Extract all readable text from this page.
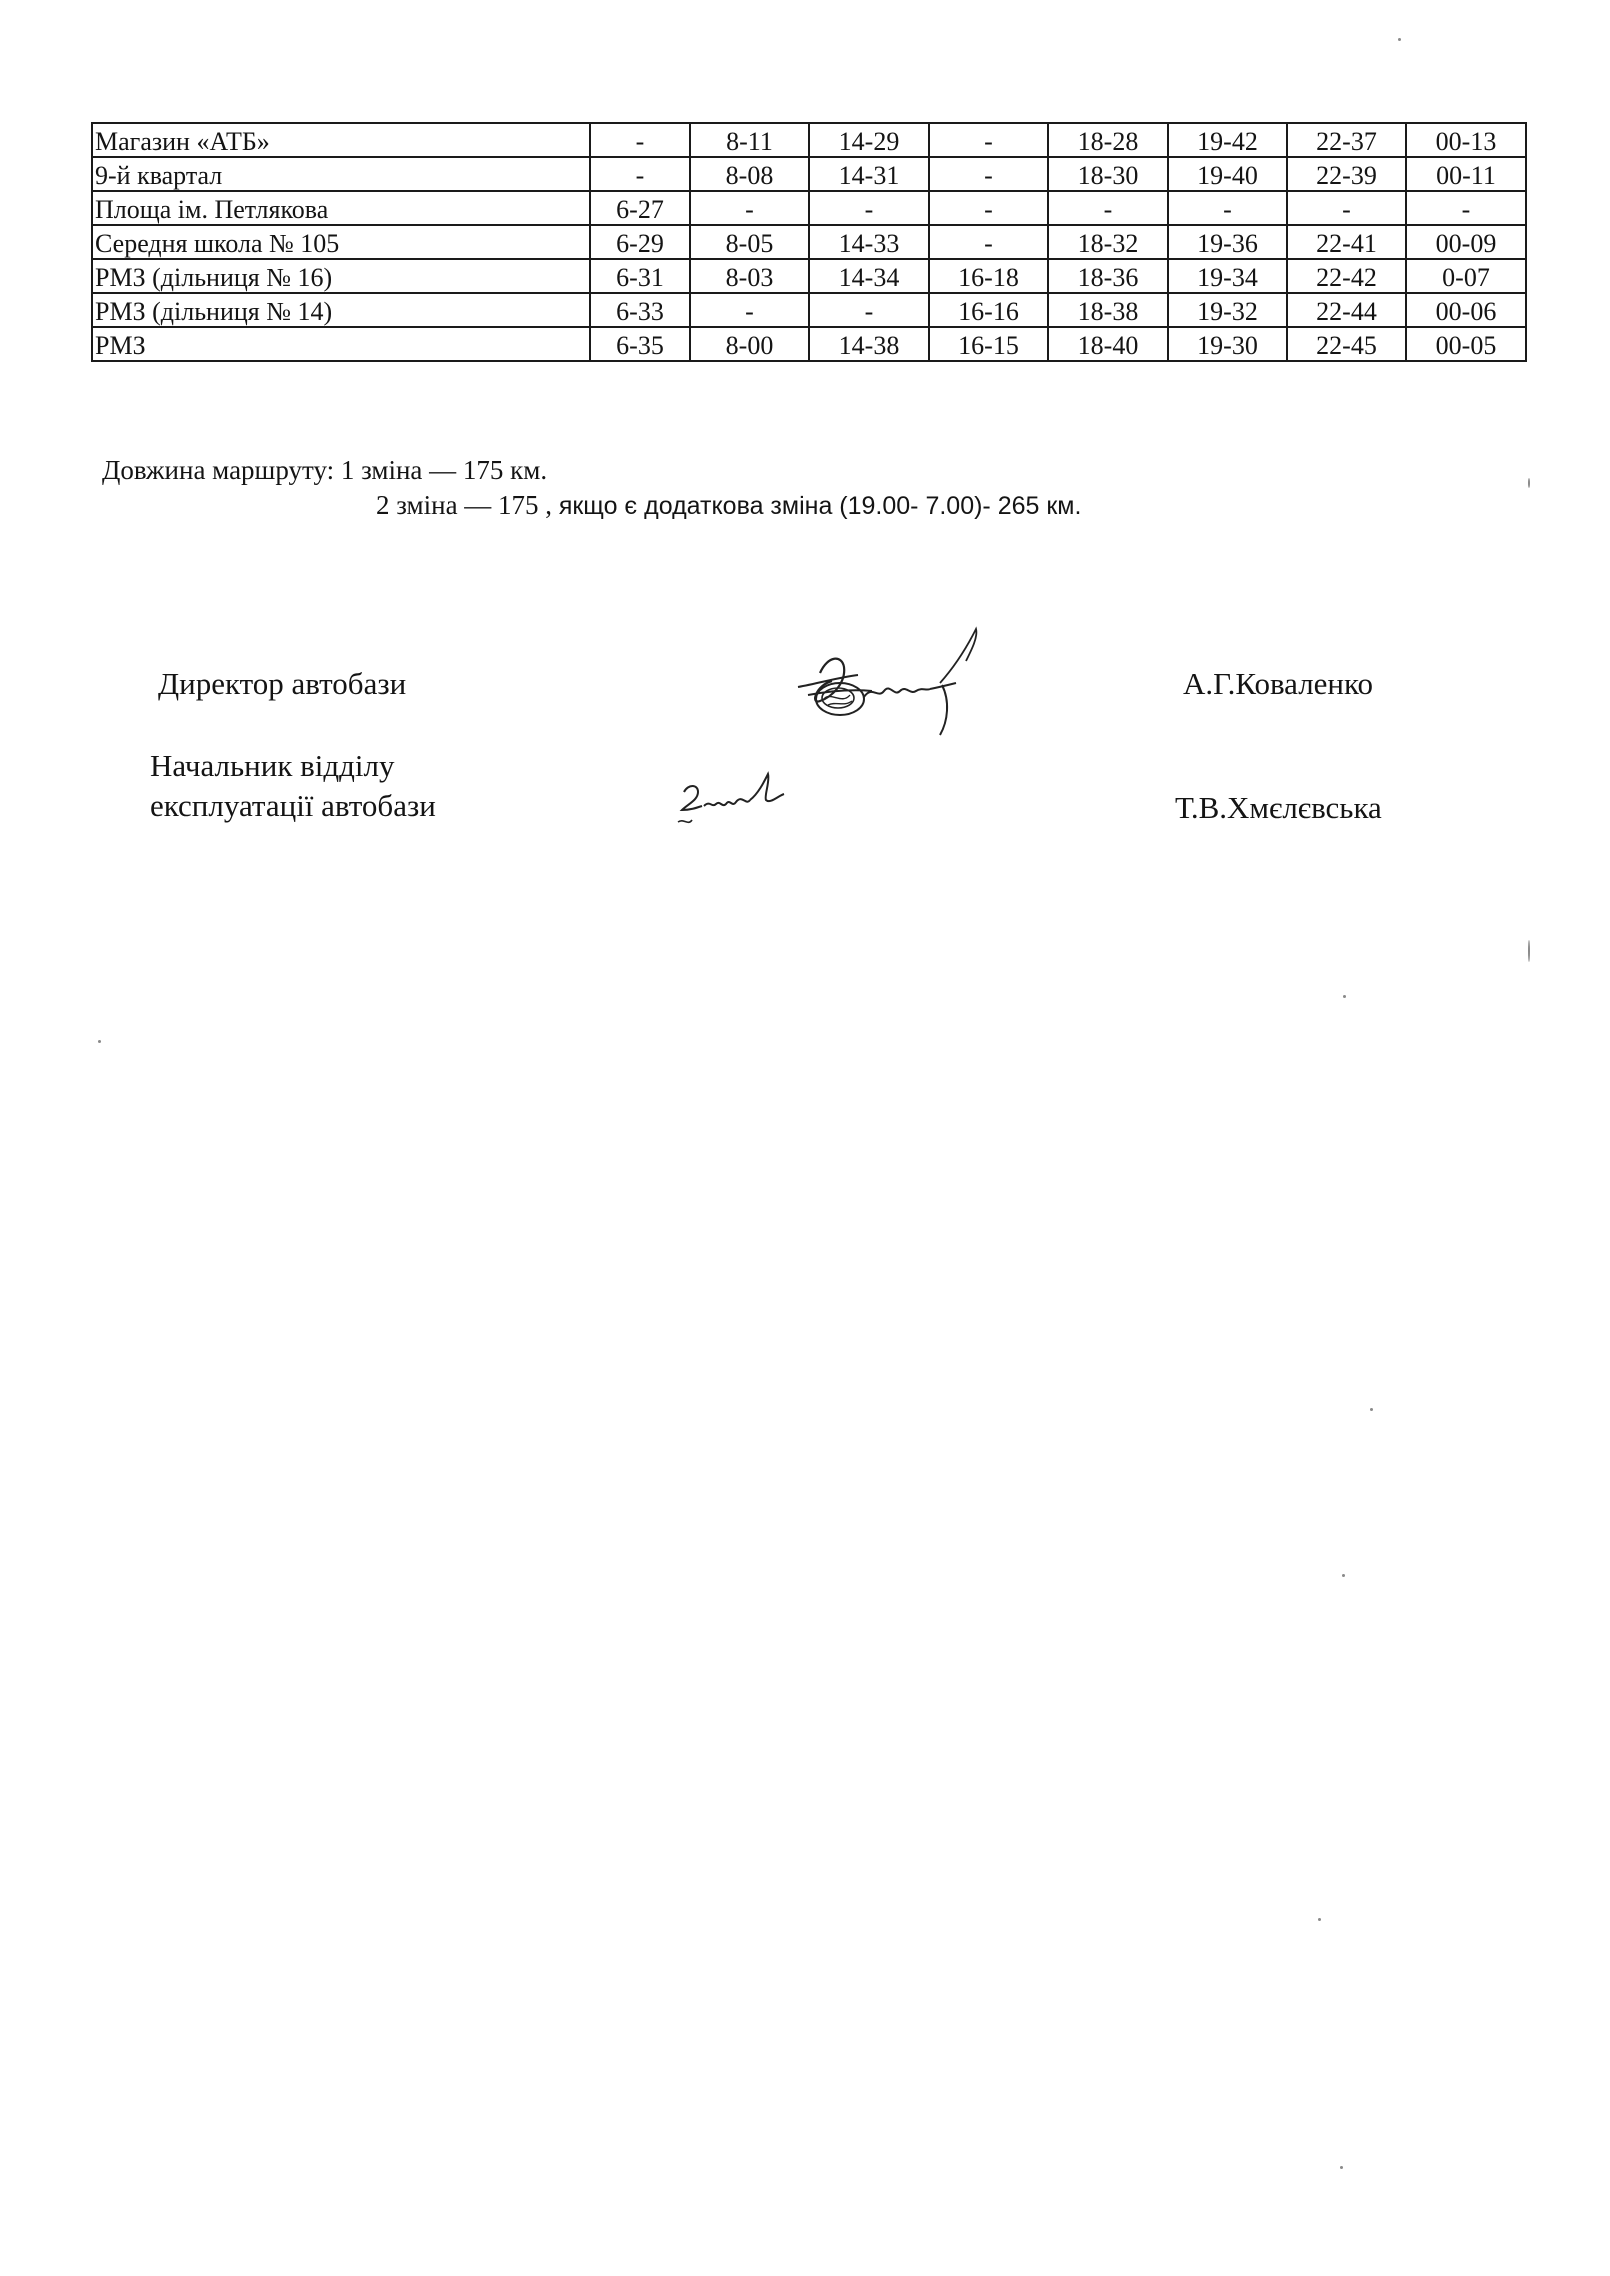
Магазин «АТБ»	-	8-11	14-29	-	18-28	19-42	22-37	00-13
9-й квартал	-	8-08	14-31	-	18-30	19-40	22-39	00-11
Площа ім. Петлякова	6-27	-	-	-	-	-	-	-
Середня школа № 105	6-29	8-05	14-33	-	18-32	19-36	22-41	00-09
РМЗ (дільниця № 16)	6-31	8-03	14-34	16-18	18-36	19-34	22-42	0-07
РМЗ (дільниця № 14)	6-33	-	-	16-16	18-38	19-32	22-44	00-06
РМЗ	6-35	8-00	14-38	16-15	18-40	19-30	22-45	00-05
Довжина маршруту: 1 зміна — 175 км.
2 зміна — 175 , якщо є додаткова зміна (19.00- 7.00)- 265 км.
Директор автобази	А.Г.Коваленко
Начальник відділу
експлуатації автобази	Т.В.Хмєлєвська
